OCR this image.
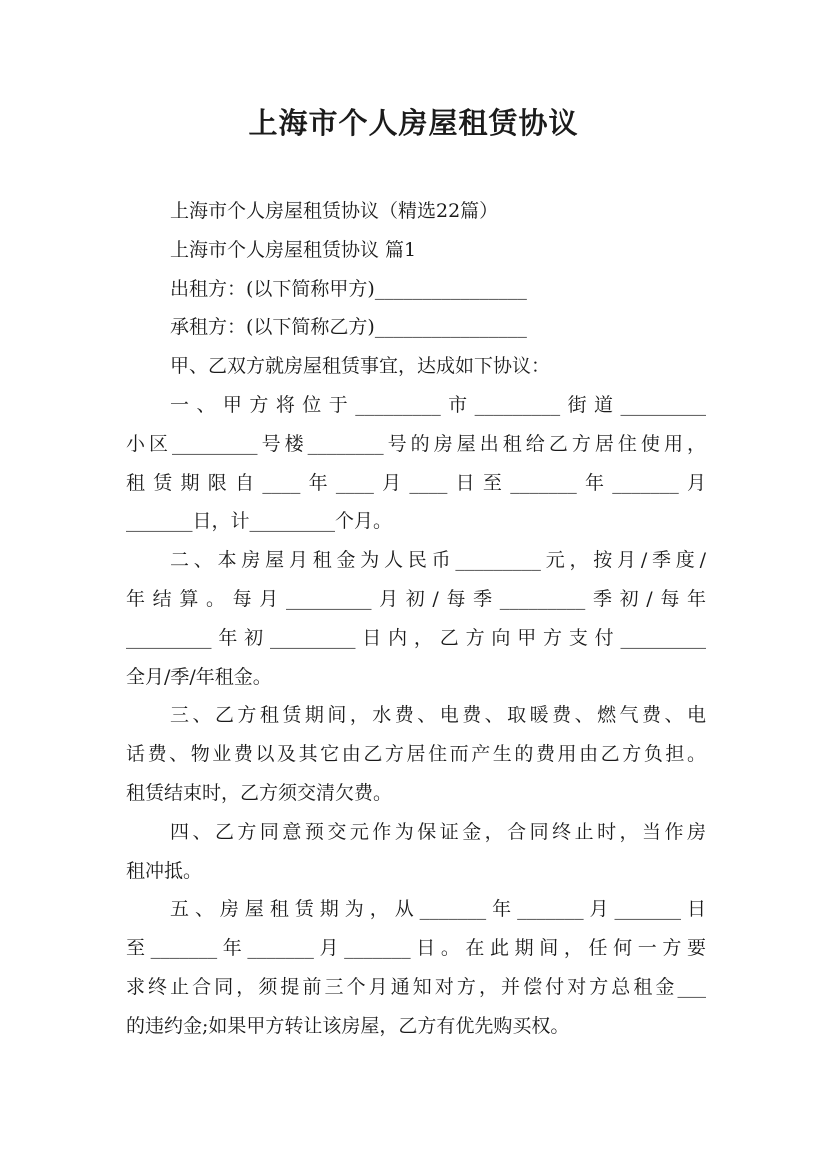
上海市个人房屋租赁协议

上海市个人房屋租赁协议（精选22篇）

上海市个人房屋租赁协议 篇1

出租方：(以下简称甲方)________________

承租方：(以下简称乙方)________________

甲、乙双方就房屋租赁事宜，达成如下协议：

一、甲方将位于_________市_________街道_________

小区_________号楼________号的房屋出租给乙方居住使用，

租赁期限自____年____月____日至_______年_______月

_______日，计_________个月。

二、本房屋月租金为人民币_________元，按月/季度/

年结算。每月_________月初/每季_________季初/每年

_________年初_________日内，乙方向甲方支付_________

全月/季/年租金。

三、乙方租赁期间，水费、电费、取暖费、燃气费、电

话费、物业费以及其它由乙方居住而产生的费用由乙方负担。

租赁结束时，乙方须交清欠费。

四、乙方同意预交元作为保证金，合同终止时，当作房

租冲抵。

五、房屋租赁期为，从_______年_______月_______日

至_______年_______月_______日。在此期间，任何一方要

求终止合同，须提前三个月通知对方，并偿付对方总租金___

的违约金;如果甲方转让该房屋，乙方有优先购买权。
